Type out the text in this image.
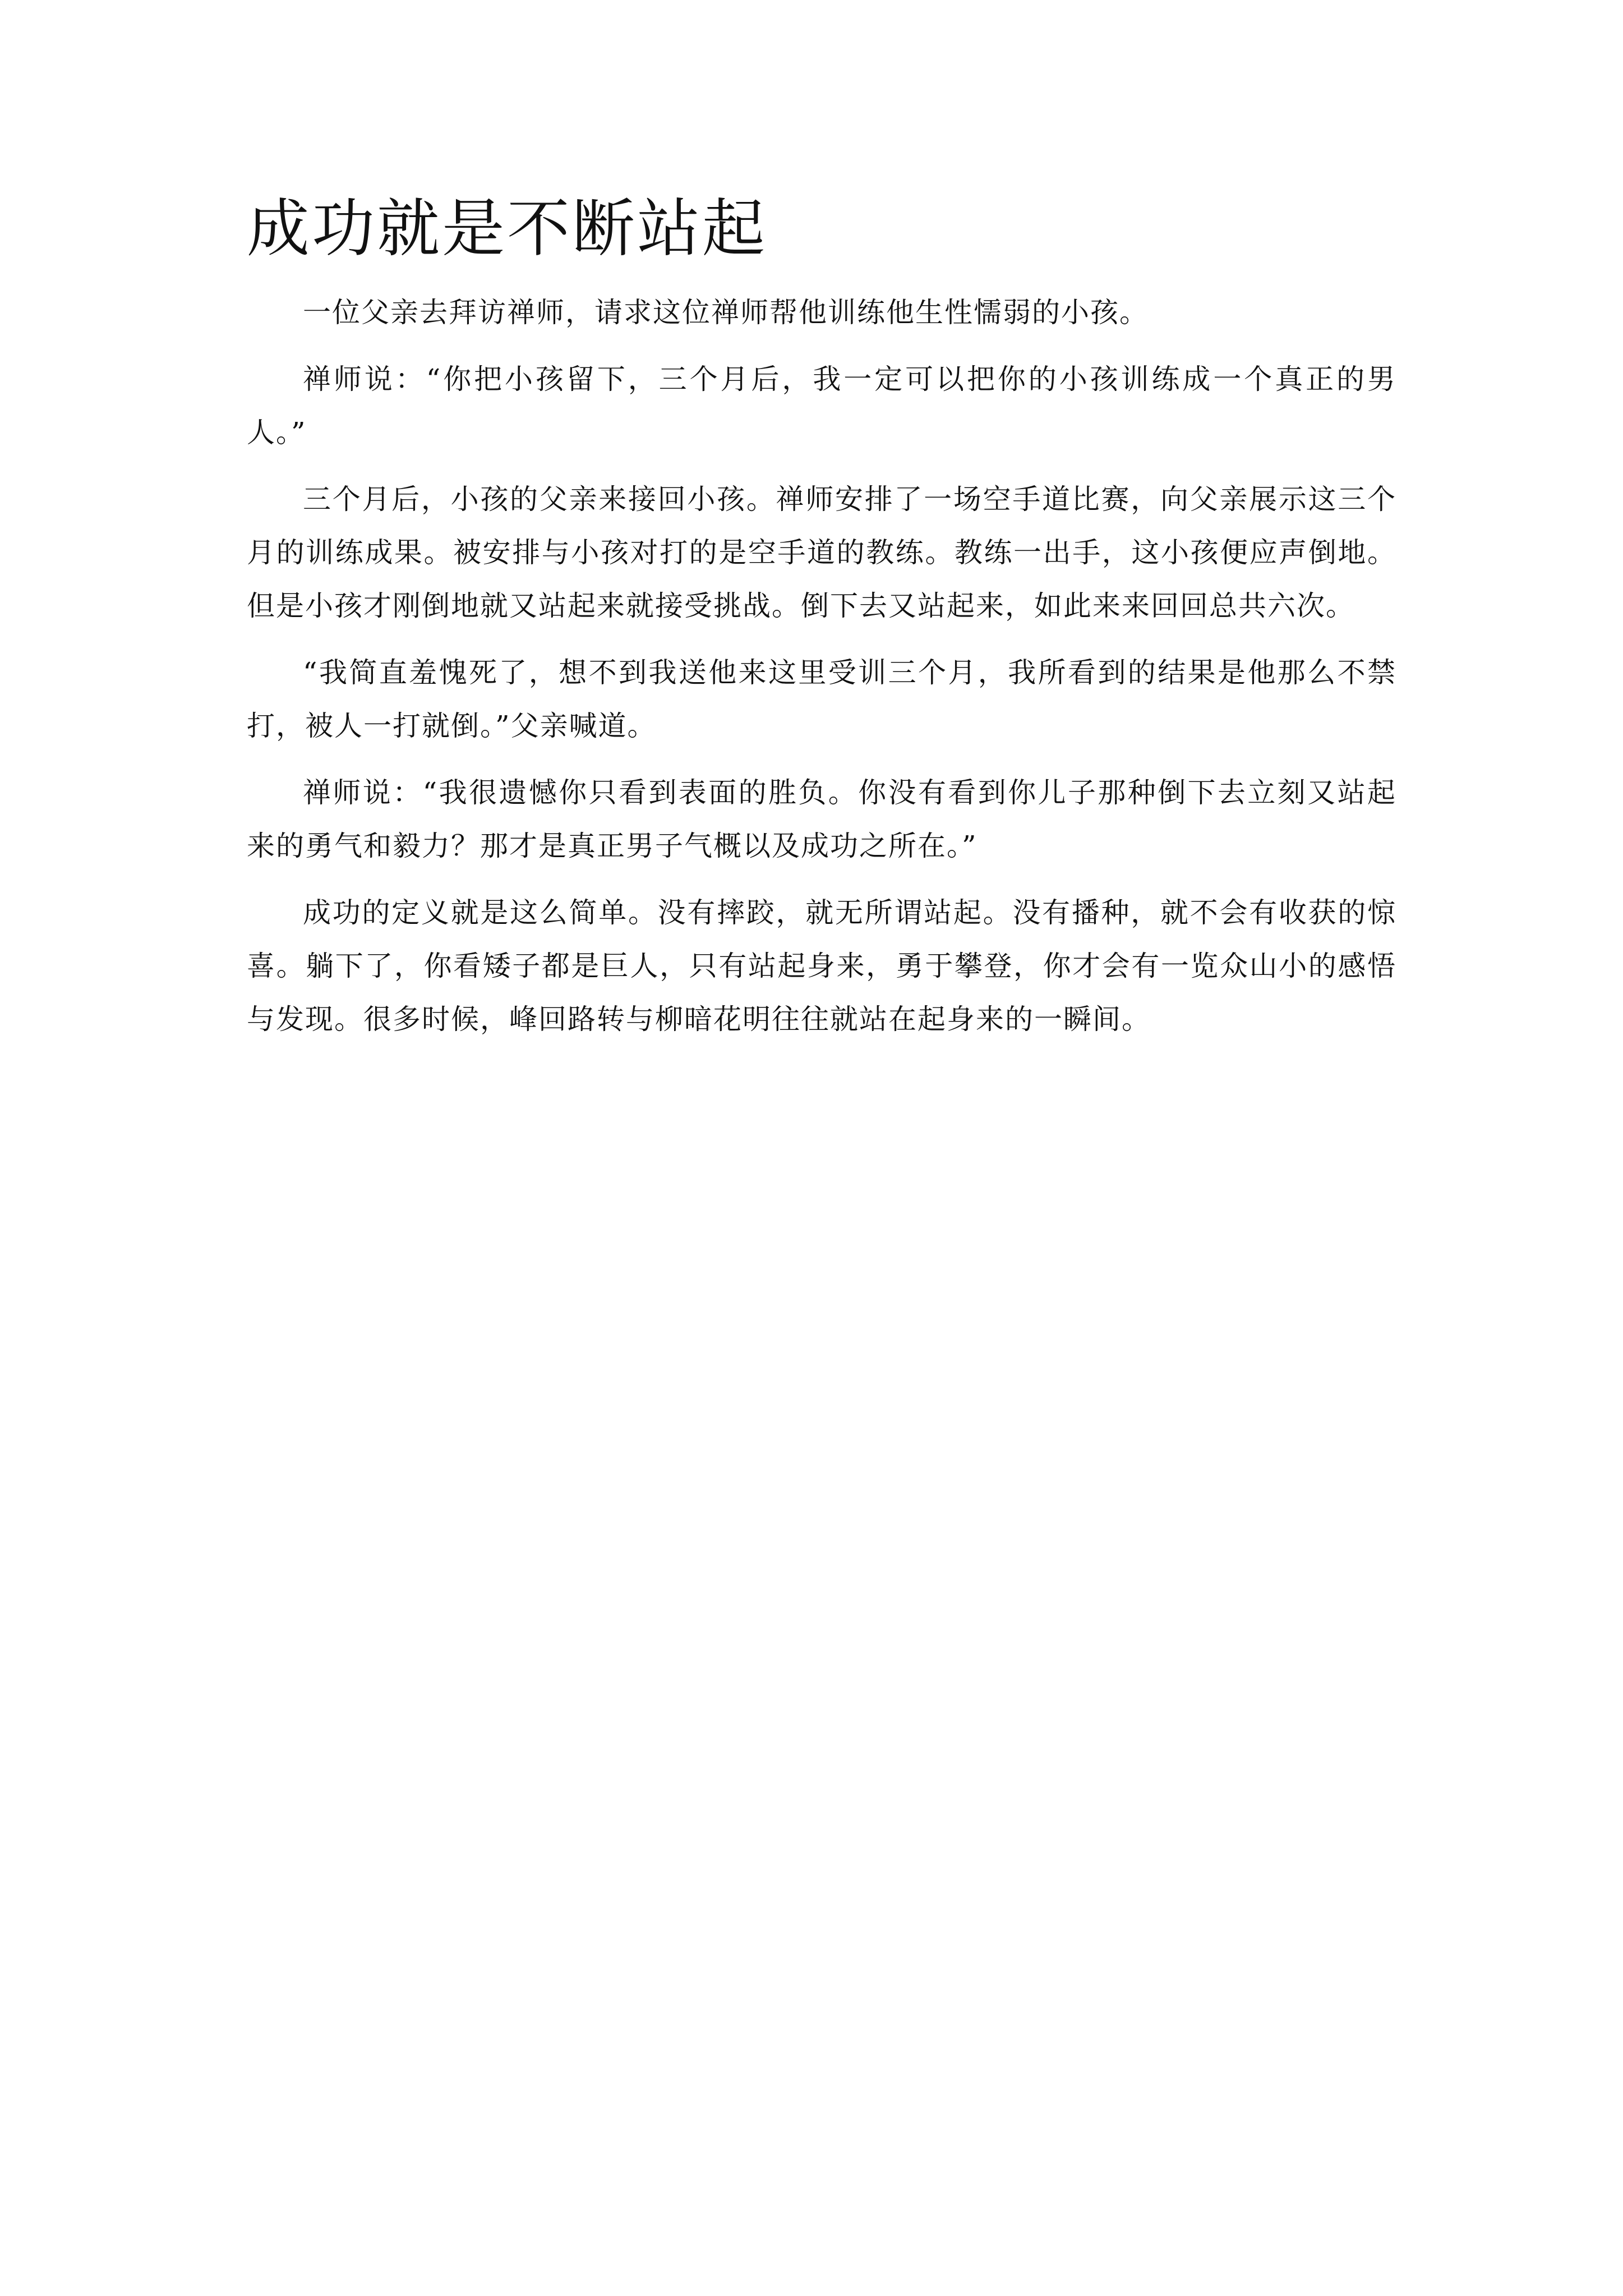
成功就是不断站起

一位父亲去拜访禅师，请求这位禅师帮他训练他生性懦弱的小孩。

禅师说：“你把小孩留下，三个月后，我一定可以把你的小孩训练成一个真正的男人。”

三个月后，小孩的父亲来接回小孩。禅师安排了一场空手道比赛，向父亲展示这三个月的训练成果。被安排与小孩对打的是空手道的教练。教练一出手，这小孩便应声倒地。但是小孩才刚倒地就又站起来就接受挑战。倒下去又站起来，如此来来回回总共六次。

“我简直羞愧死了，想不到我送他来这里受训三个月，我所看到的结果是他那么不禁打，被人一打就倒。”父亲喊道。

禅师说：“我很遗憾你只看到表面的胜负。你没有看到你儿子那种倒下去立刻又站起来的勇气和毅力？那才是真正男子气概以及成功之所在。”

成功的定义就是这么简单。没有摔跤，就无所谓站起。没有播种，就不会有收获的惊喜。躺下了，你看矮子都是巨人，只有站起身来，勇于攀登，你才会有一览众山小的感悟与发现。很多时候，峰回路转与柳暗花明往往就站在起身来的一瞬间。
